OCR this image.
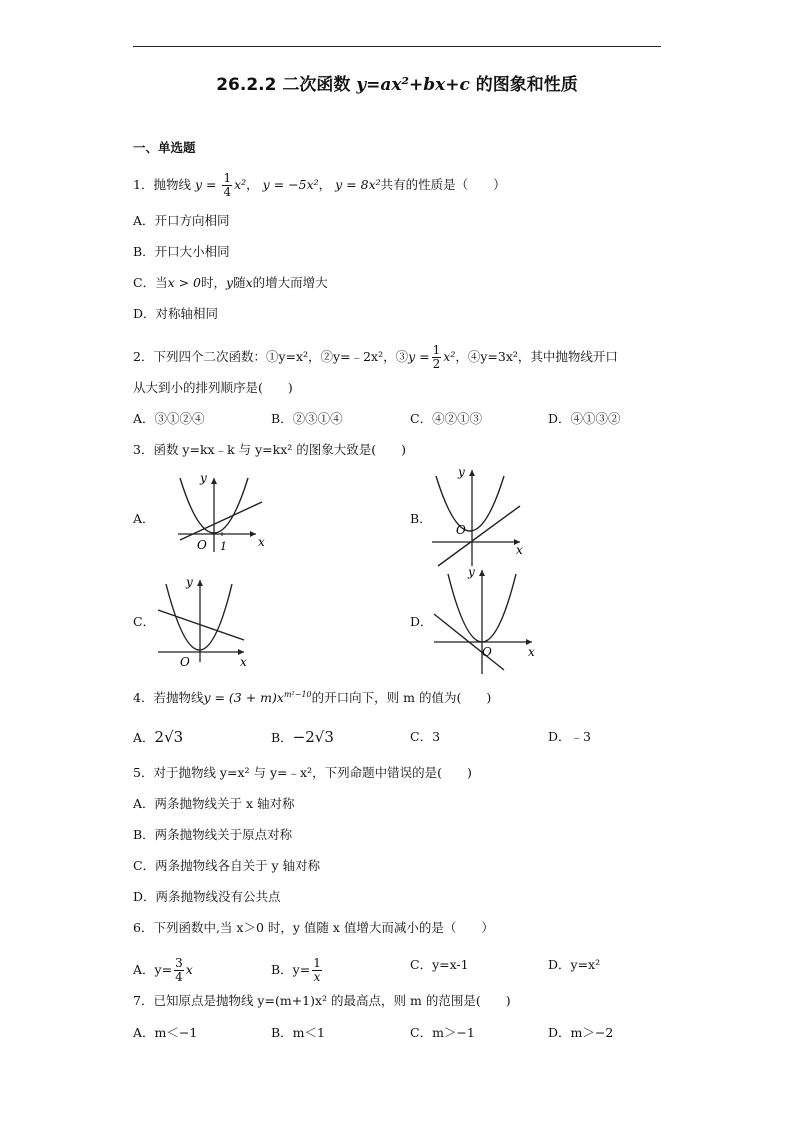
26.2.2 二次函数 y=ax²+bx+c 的图象和性质
一、单选题
1．抛物线 $y = \frac{1}{4} x^2$， y = −5x²， y = 8x²共有的性质是（　　）
A．开口方向相同
B．开口大小相同
C．当x > 0时，y随x的增大而增大
D．对称轴相同
2．下列四个二次函数：①y=x²，②y=﹣2x²，③y = $\frac{1}{2} x^2$，④y=3x²，其中抛物线开口
从大到小的排列顺序是(　　)
A．③①②④	B．②③①④	C．④②①③	D．④①③②
3．函数 y=kx﹣k 与 y=kx² 的图象大致是(　　)
A．
x
y
O 1
B．
x
y
O
C．
x
y
O
D．
x
y
O
4．若抛物线$y = (3 + m)x^{m^2-10}$的开口向下，则 m 的值为(　　)
A．2√3	B．−2√3	C．3	D．﹣3
5．对于抛物线 y=x² 与 y=﹣x²，下列命题中错误的是(　　)
A．两条抛物线关于 x 轴对称
B．两条抛物线关于原点对称
C．两条抛物线各自关于 y 轴对称
D．两条抛物线没有公共点
6．下列函数中,当 x＞0 时，y 值随 x 值增大而减小的是（　　）
A．$y= \frac{3}{4}$ x	B．$y= \frac{1}{x}$	C．y=x-1	D．y=x²
7．已知原点是抛物线 y=(m+1)x² 的最高点，则 m 的范围是(　　)
A．m＜−1	B．m＜1	C．m＞−1	D．m＞−2
